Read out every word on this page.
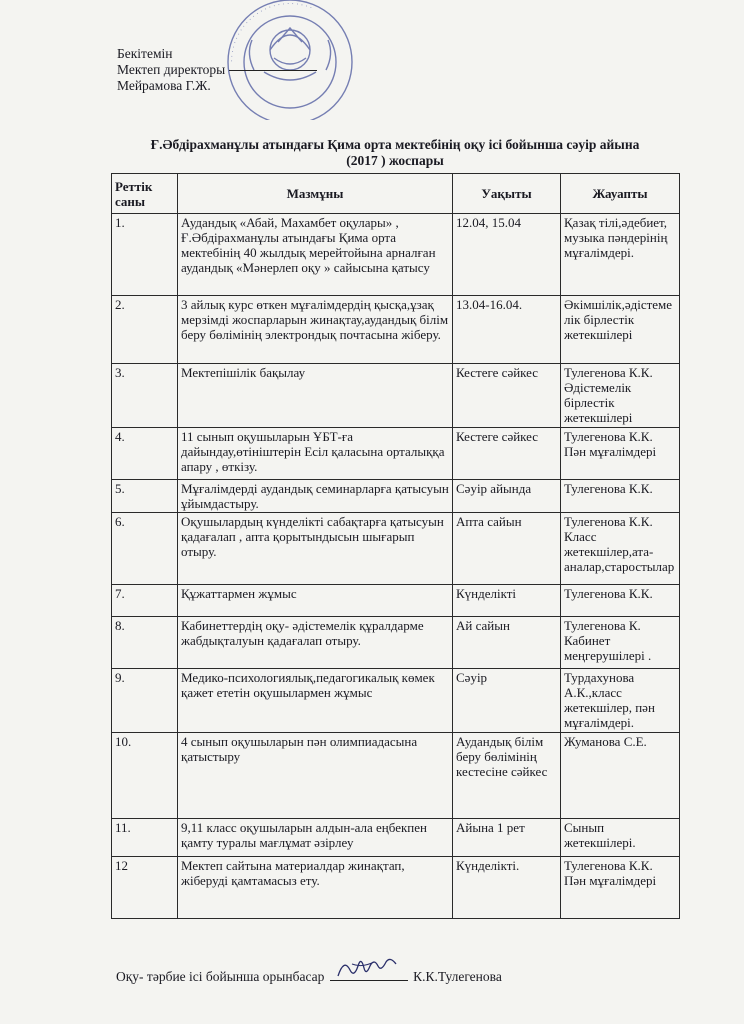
· · · · · · · · · · · · · · · · · · · · · · · · ·
Бекітемін
Мектеп директоры
Мейрамова Г.Ж.
Ғ.Әбдірахманұлы атындағы Қима орта мектебінің оқу ісі бойынша сәуір айына
(2017 ) жоспары
Реттік саны	Мазмұны	Уақыты	Жауапты
1.	Аудандық «Абай, Махамбет оқулары» , Ғ.Әбдірахманұлы атындағы Қима орта мектебінің 40 жылдық мерейтойына арналған аудандық «Мәнерлеп оқу » сайысына қатысу	12.04, 15.04	Қазақ тілі,әдебиет, музыка пәндерінің мұғалімдері.
2.	3 айлық курс өткен мұғалімдердің қысқа,ұзақ мерзімді жоспарларын жинақтау,аудандық білім беру бөлімінің электрондық почтасына жіберу.	13.04-16.04.	Әкімшілік,әдістеме лік бірлестік жетекшілері
3.	Мектепішілік бақылау	Кестеге сәйкес	Тулегенова К.К. Әдістемелік бірлестік жетекшілері
4.	11 сынып оқушыларын ҰБТ-ға дайындау,өтініштерін Есіл қаласына орталыққа апару , өткізу.	Кестеге сәйкес	Тулегенова К.К. Пән мұғалімдері
5.	Мұғалімдерді аудандық семинарларға қатысуын ұйымдастыру.	Сәуір айында	Тулегенова К.К.
6.	Оқушылардың күнделікті сабақтарға қатысуын қадағалап , апта қорытындысын шығарып отыру.	Апта сайын	Тулегенова К.К. Класс жетекшілер,ата-аналар,старостылар
7.	Құжаттармен жұмыс	Күнделікті	Тулегенова К.К.
8.	Кабинеттердің оқу- әдістемелік құралдарме жабдықталуын қадағалап отыру.	Ай сайын	Тулегенова К. Кабинет меңгерушілері .
9.	Медико-психологиялық,педагогикалық көмек қажет ететін оқушылармен жұмыс	Сәуір	Турдахунова А.К.,класс жетекшілер, пән мұғалімдері.
10.	4 сынып оқушыларын пән олимпиадасына қатыстыру	Аудандық білім беру бөлімінің кестесіне сәйкес	Жуманова С.Е.
11.	9,11 класс оқушыларын алдын-ала еңбекпен қамту туралы мағлұмат әзірлеу	Айына 1 рет	Сынып жетекшілері.
12	Мектеп сайтына материалдар жинақтап, жіберуді қамтамасыз ету.	Күнделікті.	Тулегенова К.К. Пән мұғалімдері
Оқу- тәрбие ісі бойынша орынбасар	К.К.Тулегенова
